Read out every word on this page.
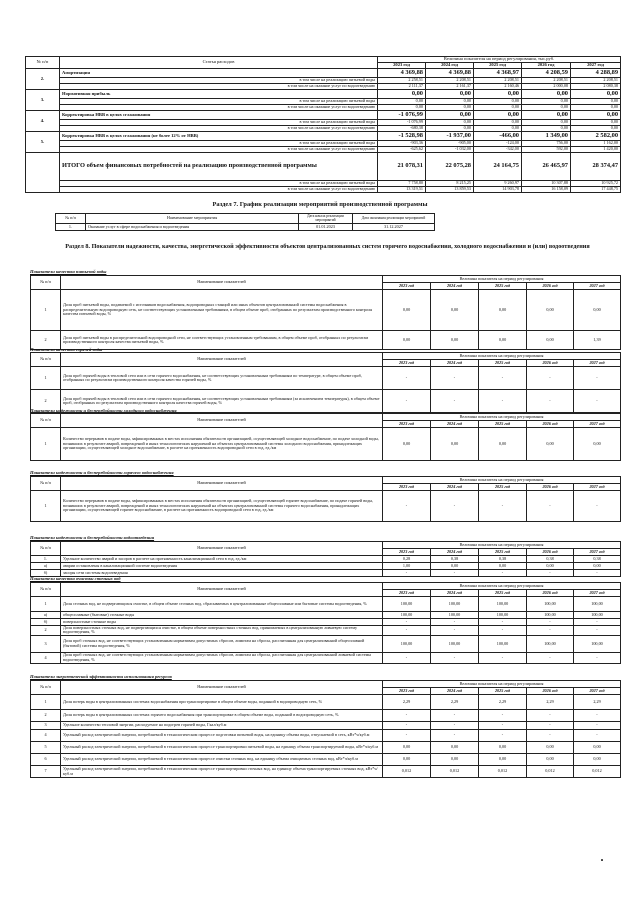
№ п/п	Статья расходов	Величина показателя на период регулирования, тыс.руб.				
		2023 год	2024 год	2025 год	2026 год	2027 год
2.	Амортизация	4 369,88	4 369,88	4 368,97	4 208,59	4 288,89
	в том числе на реализацию питьевой воды	2 258,51	2 208,51	2 208,51	2 208,51	2 208,51
	в том числе на оказание услуг по водоотведению	2 111,37	2 161,37	2 160,46	2 000,08	2 080,38
3.	Нормативная прибыль	0,00	0,00	0,00	0,00	0,00
	в том числе на реализацию питьевой воды	0,00	0,00	0,00	0,00	0,00
	в том числе на оказание услуг по водоотведению	0,00	0,00	0,00	0,00	0,00
4.	Корректировка НВВ в целях сглаживания	-1 076,99	0,00	0,00	0,00	0,00
	в том числе на реализацию питьевой воды	-1 076,99	0,00	0,00	0,00	0,00
	в том числе на оказание услуг по водоотведению	-680,38	0,00	0,00	0,00	0,00
5.	Корректировка НВВ в целях сглаживания (не более 12% от НВВ)	-1 528,98	-1 937,00	-466,00	1 349,00	2 582,00
	в том числе на реализацию питьевой воды	-903,36	-905,00	-124,00	756,00	1 162,00
	в том числе на оказание услуг по водоотведению	-625,62	-1 032,00	-342,00	592,00	1 420,00
	ИТОГО объем финансовых потребностей на реализацию производственной программы	21 078,31	22 075,28	24 164,75	26 465,97	28 374,47
	в том числе на реализацию питьевой воды	7 758,80	8 215,25	9 260,97	10 307,88	10 925,72
	в том числе на оказание услуг по водоотведению	13 319,51	13 859,53	14 903,78	16 158,09	17 448,75
Раздел 7. График реализации мероприятий производственной программы
№ п/п	Наименование мероприятия	Дата начала реализации мероприятий	Дата окончания реализации мероприятий
1.	Оказание услуг в сфере водоснабжения и водоотведения	01.01.2023	31.12.2027
Раздел 8. Показатели надежности, качества, энергетической эффективности объектов централизованных систем горячего водоснабжения, холодного водоснабжения и (или) водоотведения
Показатели качества питьевой воды
№ п/п	Наименование показателей	Величина показателя на период регулирования				
		2023 год	2024 год	2025 год	2026 год	2027 год
1	Доля проб питьевой воды, подаваемой с источников водоснабжения, водопроводных станций или иных объектов централизованной системы водоснабжения в распределительную водопроводную сеть, не соответствующих установленным требованиям, в общем объеме проб, отобранных по результатам производственного контроля качества питьевой воды, %	0,00	0,00	0,00	0,00	0,00
2	Доля проб питьевой воды в распределительной водопроводной сети, не соответствующих установленным требованиям, в общем объеме проб, отобранных по результатам производственного контроля качества питьевой воды, %	0,00	0,00	0,00	0,00	1,39
Показатели качества горячей воды
№ п/п	Наименование показателей	Величина показателя на период регулирования				
		2023 год	2024 год	2025 год	2026 год	2027 год
1	Доля проб горячей воды в тепловой сети или в сети горячего водоснабжения, не соответствующих установленным требованиям по температуре, в общем объеме проб, отобранных по результатам производственного контроля качества горячей воды, %	-	-	-	-	-
2	Доля проб горячей воды в тепловой сети или в сети горячего водоснабжения, не соответствующих установленным требованиям (за исключением температуры), в общем объеме проб, отобранных по результатам производственного контроля качества горячей воды, %	-	-	-	-	-
Показатели надежности и бесперебойности холодного водоснабжения
№ п/п	Наименование показателей	Величина показателя на период регулирования				
		2023 год	2024 год	2025 год	2026 год	2027 год
1	Количество перерывов в подаче воды, зафиксированных в местах исполнения обязательств организацией, осуществляющей холодное водоснабжение, по подаче холодной воды, возникших в результате аварий, повреждений и иных технологических нарушений на объектах централизованной системы холодного водоснабжения, принадлежащих организации, осуществляющей холодное водоснабжение, в расчете на протяженность водопроводной сети в год, ед./км	0,00	0,00	0,00	0,00	0,00
Показатели надежности и бесперебойности горячего водоснабжения
№ п/п	Наименование показателей	Величина показателя на период регулирования				
		2023 год	2024 год	2025 год	2026 год	2027 год
1	Количество перерывов в подаче воды, зафиксированных в местах исполнения обязательств организацией, осуществляющей горячее водоснабжение, по подаче горячей воды, возникших в результате аварий, повреждений и иных технологических нарушений на объектах централизованной системы горячего водоснабжения, принадлежащих организации, осуществляющей горячее водоснабжение, в расчете на протяженность водопроводной сети в год, ед./км	-	-	-	-	-
Показатели надежности и бесперебойности водоотведения
№ п/п	Наименование показателей	Величина показателя на период регулирования				
		2023 год	2024 год	2025 год	2026 год	2027 год
1.	Удельное количество аварий и засоров в расчете на протяженность канализационной сети в год, ед./км	0,28	0,38	0,38	0,38	0,38
а)	аварии остановлены в канализационной системе водоотведения	1,00	0,00	0,00	0,00	0,00
б)	засоры сети системы водоотведения	-	-	-	-	-
Показатели качества очистки сточных вод
№ п/п	Наименование показателей	Величина показателя на период регулирования				
		2023 год	2024 год	2025 год	2026 год	2027 год
1	Доля сточных вод, не подвергающихся очистке, в общем объеме сточных вод, сбрасываемых в централизованные общесплавные или бытовые системы водоотведения, %	100,00	100,00	100,00	100,00	100,00
а)	общесплавные (бытовые) сточные воды	100,00	100,00	100,00	100,00	100,00
б)	поверхностные сточные воды	-	-	-	-	-
2	Доля поверхностных сточных вод, не подвергающихся очистке, в общем объеме поверхностных сточных вод, принимаемых в централизованную ливневую систему водоотведения, %	-	-	-	-	-
3	Доля проб сточных вод, не соответствующих установленным нормативам допустимых сбросов, лимитам на сбросы, рассчитанная для централизованной общесплавной (бытовой) системы водоотведения, %	100,00	100,00	100,00	100,00	100,00
4	Доля проб сточных вод, не соответствующих установленным нормативам допустимых сбросов, лимитам на сбросы, рассчитанная для централизованной ливневой системы водоотведения, %	-	-	-	-	-
Показатели энергетической эффективности использования ресурсов
№ п/п	Наименование показателей	Величина показателя на период регулирования				
		2023 год	2024 год	2025 год	2026 год	2027 год
1	Доля потерь воды в централизованных системах водоснабжения при транспортировке в общем объеме воды, поданной в водопроводную сеть, %	2,29	2,29	2,29	2,29	2,29
2	Доля потерь воды в централизованных системах горячего водоснабжения при транспортировке в общем объеме воды, поданной в водопроводную сеть, %	-	-	-	-	-
3	Удельное количество тепловой энергии, расходуемое на подогрев горячей воды, Гкал/куб.м	-	-	-	-	-
4	Удельный расход электрической энергии, потребляемой в технологическом процессе подготовки питьевой воды, на единицу объема воды, отпускаемой в сеть, кВт*ч/куб.м	-	-	-	-	-
5	Удельный расход электрической энергии, потребляемой в технологическом процессе транспортировки питьевой воды, на единицу объема транспортируемой воды, кВт*ч/куб.м	0,00	0,00	0,00	0,00	0,00
6	Удельный расход электрической энергии, потребляемой в технологическом процессе очистки сточных вод, на единицу объема очищаемых сточных вод, кВт*ч/куб.м	0,00	0,00	0,00	0,00	0,00
7	Удельный расход электрической энергии, потребляемой в технологическом процессе транспортировки сточных вод, на единицу объема транспортируемых сточных вод, кВт*ч/куб.м	0,012	0,012	0,012	0,012	0,012
